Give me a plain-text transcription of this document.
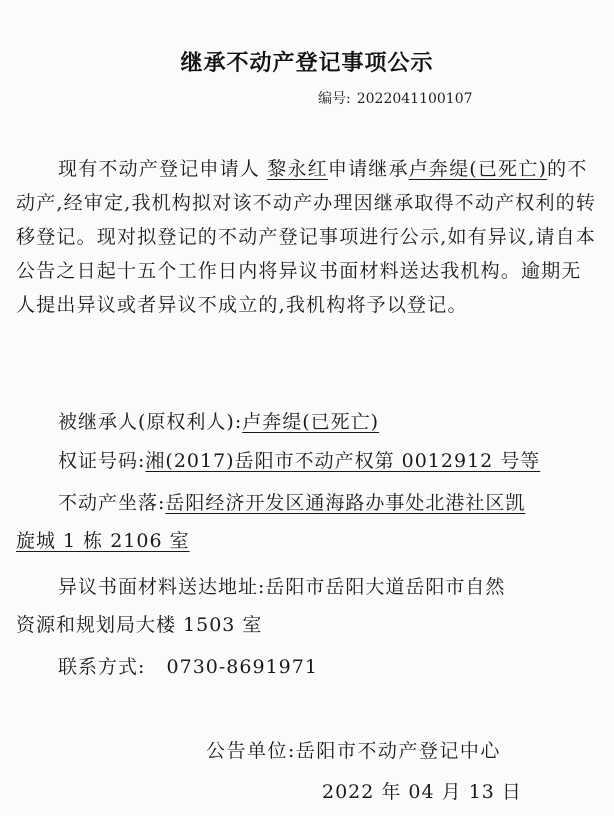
继承不动产登记事项公示
编号: 2022041100107
现有不动产登记申请人 黎永红申请继承卢奔缇(已死亡)的不动产,经审定,我机构拟对该不动产办理因继承取得不动产权利的转移登记。现对拟登记的不动产登记事项进行公示,如有异议,请自本公告之日起十五个工作日内将异议书面材料送达我机构。逾期无人提出异议或者异议不成立的,我机构将予以登记。
被继承人(原权利人):卢奔缇(已死亡)
权证号码:湘(2017)岳阳市不动产权第 0012912 号等
不动产坐落:岳阳经济开发区通海路办事处北港社区凯
旋城 1 栋 2106 室
异议书面材料送达地址:岳阳市岳阳大道岳阳市自然
资源和规划局大楼 1503 室
联系方式: 0730-8691971
公告单位:岳阳市不动产登记中心
2022 年 04 月 13 日
